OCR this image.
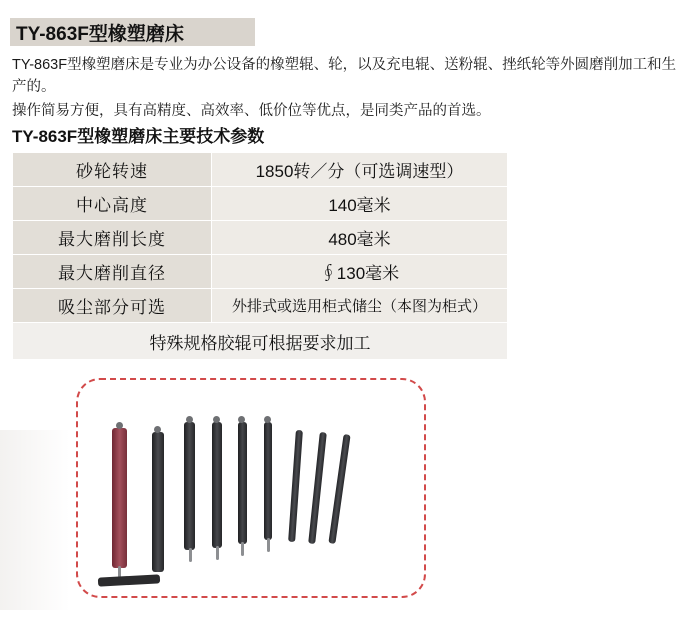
TY-863F型橡塑磨床

TY-863F型橡塑磨床是专业为办公设备的橡塑辊、轮，以及充电辊、送粉辊、挫纸轮等外圆磨削加工和生产的。

操作简易方便，具有高精度、高效率、低价位等优点，是同类产品的首选。

TY-863F型橡塑磨床主要技术参数
砂轮转速	1850转／分（可选调速型）
中心高度	140毫米
最大磨削长度	480毫米
最大磨削直径	∮130毫米
吸尘部分可选	外排式或选用柜式储尘（本图为柜式）
特殊规格胶辊可根据要求加工	
